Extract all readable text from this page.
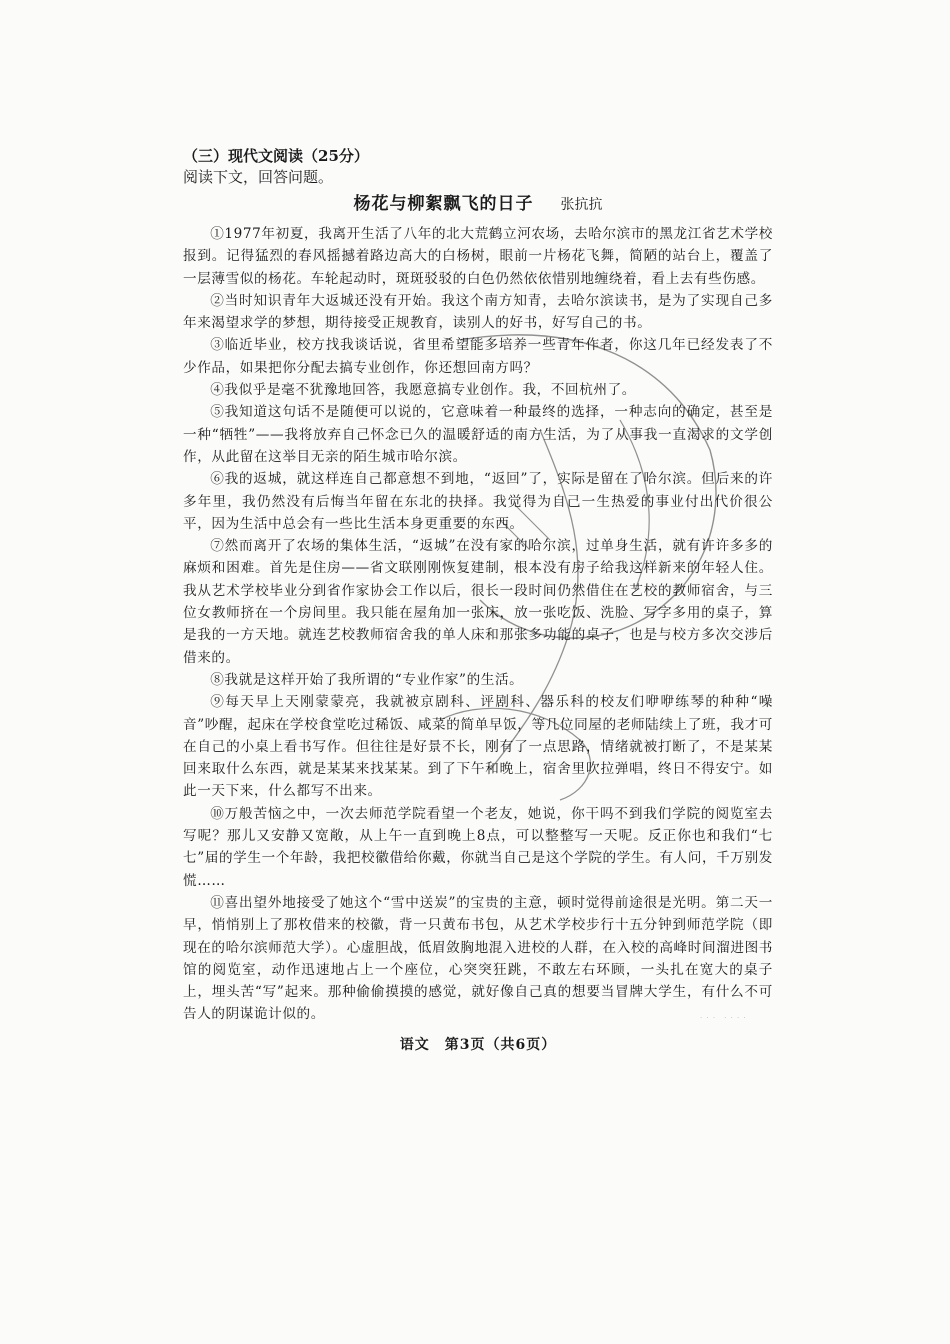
（三）现代文阅读（25分）

阅读下文，回答问题。

杨花与柳絮飘飞的日子 张抗抗

①1977年初夏，我离开生活了八年的北大荒鹤立河农场，去哈尔滨市的黑龙江省艺术学校报到。记得猛烈的春风摇撼着路边高大的白杨树，眼前一片杨花飞舞，简陋的站台上，覆盖了一层薄雪似的杨花。车轮起动时，斑斑驳驳的白色仍然依依惜别地缠绕着，看上去有些伤感。

②当时知识青年大返城还没有开始。我这个南方知青，去哈尔滨读书，是为了实现自己多年来渴望求学的梦想，期待接受正规教育，读别人的好书，好写自己的书。

③临近毕业，校方找我谈话说，省里希望能多培养一些青年作者，你这几年已经发表了不少作品，如果把你分配去搞专业创作，你还想回南方吗？

④我似乎是毫不犹豫地回答，我愿意搞专业创作。我，不回杭州了。

⑤我知道这句话不是随便可以说的，它意味着一种最终的选择，一种志向的确定，甚至是一种“牺牲”——我将放弃自己怀念已久的温暖舒适的南方生活，为了从事我一直渴求的文学创作，从此留在这举目无亲的陌生城市哈尔滨。

⑥我的返城，就这样连自己都意想不到地，“返回”了，实际是留在了哈尔滨。但后来的许多年里，我仍然没有后悔当年留在东北的抉择。我觉得为自己一生热爱的事业付出代价很公平，因为生活中总会有一些比生活本身更重要的东西。

⑦然而离开了农场的集体生活，“返城”在没有家的哈尔滨，过单身生活，就有许许多多的麻烦和困难。首先是住房——省文联刚刚恢复建制，根本没有房子给我这样新来的年轻人住。我从艺术学校毕业分到省作家协会工作以后，很长一段时间仍然借住在艺校的教师宿舍，与三位女教师挤在一个房间里。我只能在屋角加一张床，放一张吃饭、洗脸、写字多用的桌子，算是我的一方天地。就连艺校教师宿舍我的单人床和那张多功能的桌子，也是与校方多次交涉后借来的。

⑧我就是这样开始了我所谓的“专业作家”的生活。

⑨每天早上天刚蒙蒙亮，我就被京剧科、评剧科、器乐科的校友们咿咿练琴的种种“噪音”吵醒，起床在学校食堂吃过稀饭、咸菜的简单早饭，等几位同屋的老师陆续上了班，我才可在自己的小桌上看书写作。但往往是好景不长，刚有了一点思路，情绪就被打断了，不是某某回来取什么东西，就是某某来找某某。到了下午和晚上，宿舍里吹拉弹唱，终日不得安宁。如此一天下来，什么都写不出来。

⑩万般苦恼之中，一次去师范学院看望一个老友，她说，你干吗不到我们学院的阅览室去写呢？那儿又安静又宽敞，从上午一直到晚上8点，可以整整写一天呢。反正你也和我们“七七”届的学生一个年龄，我把校徽借给你戴，你就当自己是这个学院的学生。有人问，千万别发慌……

⑪喜出望外地接受了她这个“雪中送炭”的宝贵的主意，顿时觉得前途很是光明。第二天一早，悄悄别上了那枚借来的校徽，背一只黄布书包，从艺术学校步行十五分钟到师范学院（即现在的哈尔滨师范大学）。心虚胆战，低眉敛胸地混入进校的人群，在入校的高峰时间溜进图书馆的阅览室，动作迅速地占上一个座位，心突突狂跳，不敢左右环顾，一头扎在宽大的桌子上，埋头苦“写”起来。那种偷偷摸摸的感觉，就好像自己真的想要当冒牌大学生，有什么不可告人的阴谋诡计似的。

语文　第3页（共6页）
· · ·　· · · ·
